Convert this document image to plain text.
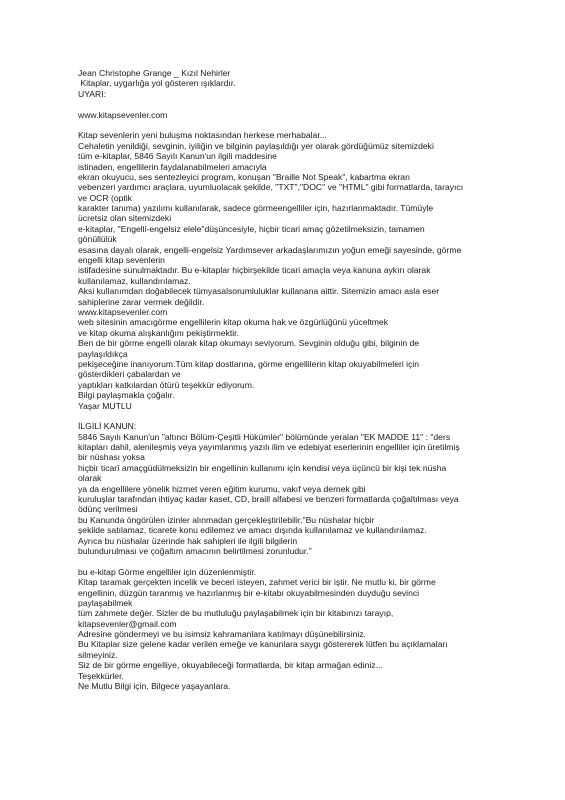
Jean Christophe Grange _ Kızıl Nehirler
Kitaplar, uygarlığa yol gösteren ışıklardır.
UYARI:
www.kitapsevenler.com
Kitap sevenlerin yeni buluşma noktasından herkese merhabalar...
Cehaletin yenildiği, sevginin, iyiliğin ve bilginin paylaşıldığı yer olarak gördüğümüz sitemizdeki
tüm e-kitaplar, 5846 Sayılı Kanun'un ilgili maddesine
istinaden, engellilerin faydalanabilmeleri amacıyla
ekran okuyucu, ses sentezleyici program, konuşan "Braille Not Speak", kabartma ekran
vebenzeri yardımcı araçlara, uyumluolacak şekilde, "TXT","DOC" ve "HTML" gibi formatlarda, tarayıcı
ve OCR (optik
karakter tanıma) yazılımı kullanılarak, sadece görmeengelliler için, hazırlanmaktadır. Tümüyle
ücretsiz olan sitemizdeki
e-kitaplar, "Engelli-engelsiz elele"düşüncesiyle, hiçbir ticari amaç gözetilmeksizin, tamamen
gönüllülük
esasına dayalı olarak, engelli-engelsiz Yardımsever arkadaşlarımızın yoğun emeği sayesinde, görme
engelli kitap sevenlerin
istifadesine sunulmaktadır. Bu e-kitaplar hiçbirşekilde ticari amaçla veya kanuna aykırı olarak
kullanılamaz, kullandırılamaz.
Aksi kullanımdan doğabilecek tümyasalsorumluluklar kullanana aittir. Sitemizin amacı asla eser
sahiplerine zarar vermek değildir.
www.kitapsevenler.com
web sitesinin amacıgörme engellilerin kitap okuma hak ve özgürlüğünü yüceltmek
ve kitap okuma alışkanlığını pekiştirmektir.
Ben de bir görme engelli olarak kitap okumayı seviyorum. Sevginin olduğu gibi, bilginin de
paylaşıldıkça
pekişeceğine inanıyorum.Tüm kitap dostlarına, görme engellilerin kitap okuyabilmeleri için
gösterdikleri çabalardan ve
yaptıkları katkılardan ötürü teşekkür ediyorum.
Bilgi paylaşmakla çoğalır.
Yaşar MUTLU
İLGİLİ KANUN:
5846 Sayılı Kanun'un "altıncı Bölüm-Çeşitli Hükümler" bölümünde yeralan "EK MADDE 11" : "ders
kitapları dahil, alenileşmiş veya yayımlanmış yazılı ilim ve edebiyat eserlerinin engelliler için üretilmiş
bir nüshası yoksa
hiçbir ticarî amaçgüdülmeksizin bir engellinin kullanımı için kendisi veya üçüncü bir kişi tek nüsha
olarak
ya da engellilere yönelik hizmet veren eğitim kurumu, vakıf veya dernek gibi
kuruluşlar tarafından ihtiyaç kadar kaset, CD, braill alfabesi ve benzeri formatlarda çoğaltılması veya
ödünç verilmesi
bu Kanunda öngörülen izinler alınmadan gerçekleştirilebilir."Bu nüshalar hiçbir
şekilde satılamaz, ticarete konu edilemez ve amacı dışında kullanılamaz ve kullandırılamaz.
Ayrıca bu nüshalar üzerinde hak sahipleri ile ilgili bilgilerin
bulundurulması ve çoğaltım amacının belirtilmesi zorunludur."
bu e-kitap Görme engelliler için düzenlenmiştir.
Kitap taramak gerçekten incelik ve beceri isteyen, zahmet verici bir iştir. Ne mutlu ki, bir görme
engellinin, düzgün taranmış ve hazırlanmış bir e-kitabı okuyabilmesinden duyduğu sevinci
paylaşabilmek
tüm zahmete değer. Sizler de bu mutluluğu paylaşabilmek için bir kitabınızı tarayıp,
kitapsevenler@gmail.com
Adresine göndermeyi ve bu isimsiz kahramanlara katılmayı düşünebilirsiniz.
Bu Kitaplar size gelene kadar verilen emeğe ve kanunlara saygı göstererek lütfen bu açıklamaları
silmeyiniz.
Siz de bir görme engelliye, okuyabileceği formatlarda, bir kitap armağan ediniz...
Teşekkürler.
Ne Mutlu Bilgi için, Bilgece yaşayanlara.
